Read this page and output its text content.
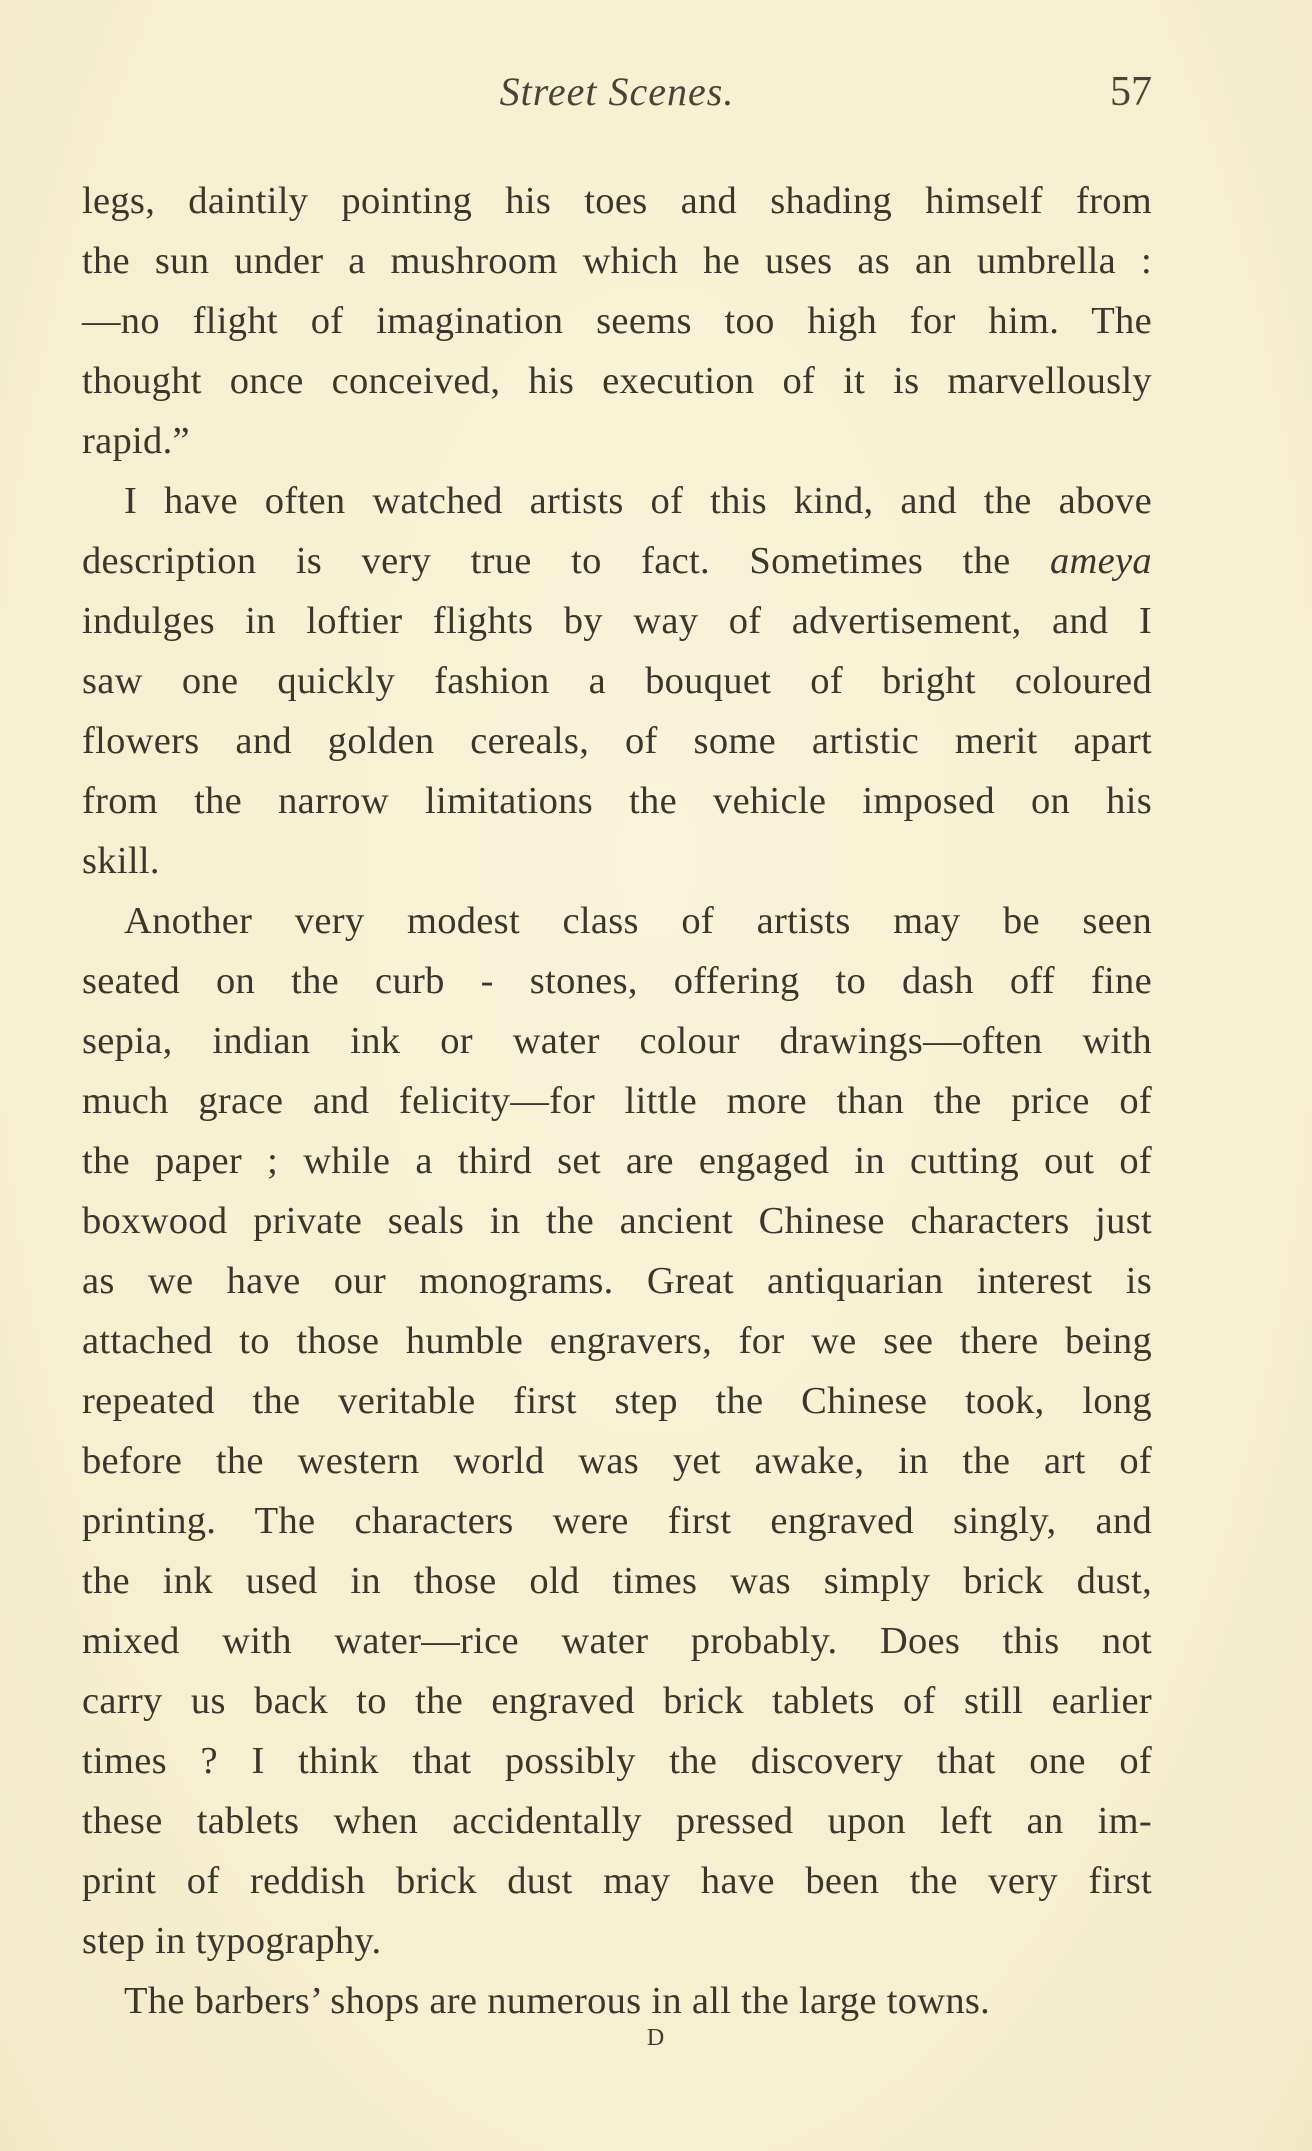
Street Scenes.	57
legs, daintily pointing his toes and shading himself from
the sun under a mushroom which he uses as an umbrella :
—no flight of imagination seems too high for him. The
thought once conceived, his execution of it is marvellously
rapid.”
I have often watched artists of this kind, and the above
description is very true to fact. Sometimes the ameya
indulges in loftier flights by way of advertisement, and I
saw one quickly fashion a bouquet of bright coloured
flowers and golden cereals, of some artistic merit apart
from the narrow limitations the vehicle imposed on his
skill.
Another very modest class of artists may be seen
seated on the curb - stones, offering to dash off fine
sepia, indian ink or water colour drawings—often with
much grace and felicity—for little more than the price of
the paper ; while a third set are engaged in cutting out of
boxwood private seals in the ancient Chinese characters just
as we have our monograms. Great antiquarian interest is
attached to those humble engravers, for we see there being
repeated the veritable first step the Chinese took, long
before the western world was yet awake, in the art of
printing. The characters were first engraved singly, and
the ink used in those old times was simply brick dust,
mixed with water—rice water probably. Does this not
carry us back to the engraved brick tablets of still earlier
times ? I think that possibly the discovery that one of
these tablets when accidentally pressed upon left an im-
print of reddish brick dust may have been the very first
step in typography.
The barbers’ shops are numerous in all the large towns.
D
